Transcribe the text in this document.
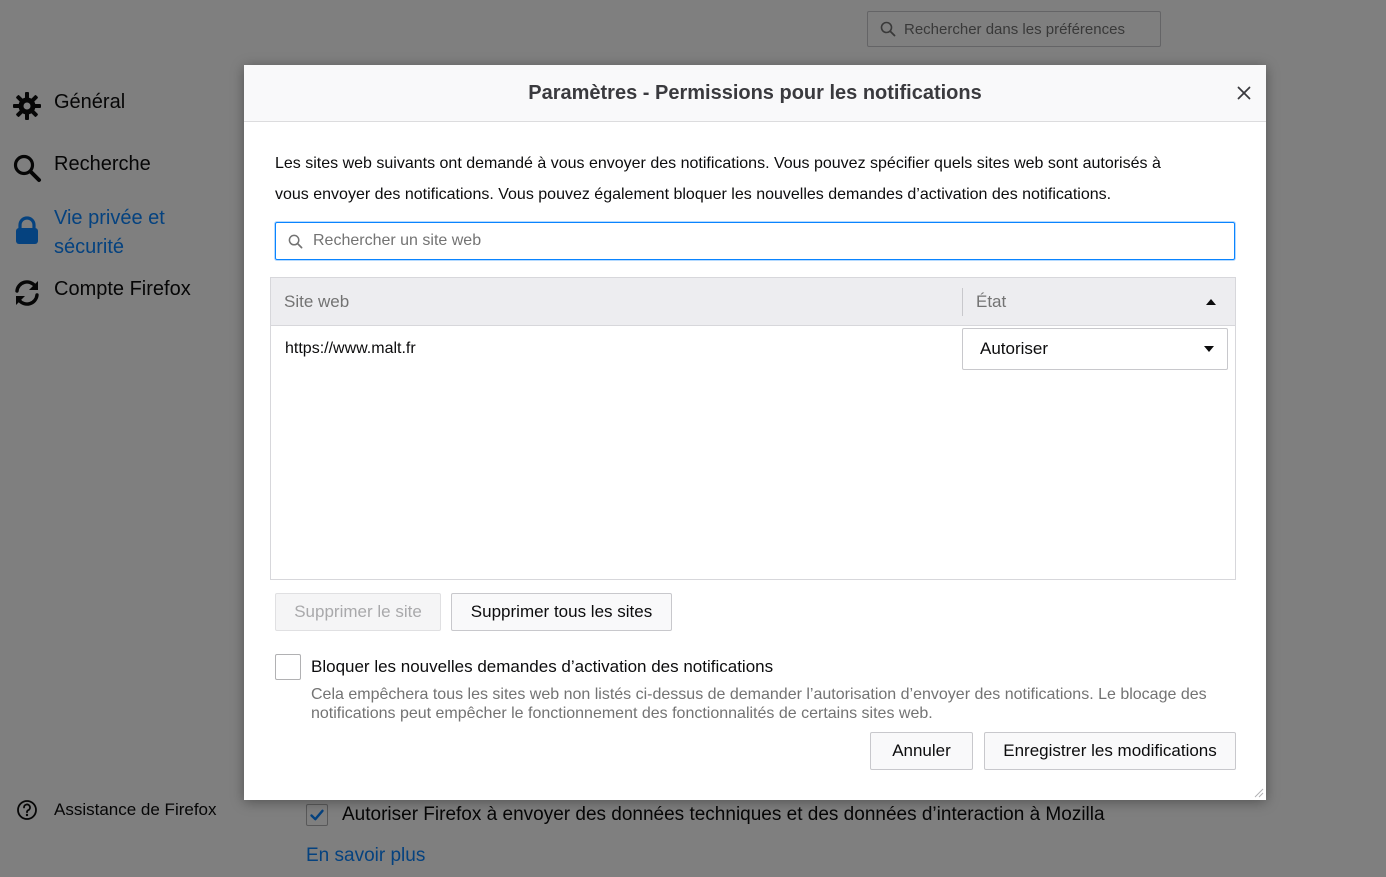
Paramètres - Permissions pour les notifications
Les sites web suivants ont demandé à vous envoyer des notifications. Vous pouvez spécifier quels sites web sont autorisés à
vous envoyer des notifications. Vous pouvez également bloquer les nouvelles demandes d’activation des notifications.
Rechercher un site web
Site web	État
https://www.malt.fr	Autoriser
Supprimer le site	Supprimer tous les sites
Bloquer les nouvelles demandes d’activation des notifications
Cela empêchera tous les sites web non listés ci-dessus de demander l’autorisation d’envoyer des notifications. Le blocage des notifications peut empêcher le fonctionnement des fonctionnalités de certains sites web.
Annuler	Enregistrer les modifications
